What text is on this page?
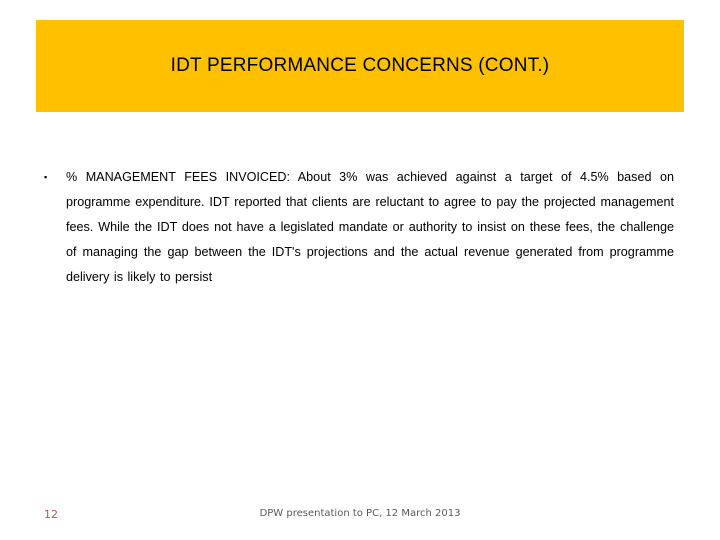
IDT PERFORMANCE CONCERNS (CONT.)
▪	% MANAGEMENT FEES INVOICED: About 3% was achieved against a target of 4.5% based on programme expenditure. IDT reported that clients are reluctant to agree to pay the projected management fees. While the IDT does not have a legislated mandate or authority to insist on these fees, the challenge of managing the gap between the IDT's projections and the actual revenue generated from programme delivery is likely to persist
12	DPW presentation to PC, 12 March 2013
